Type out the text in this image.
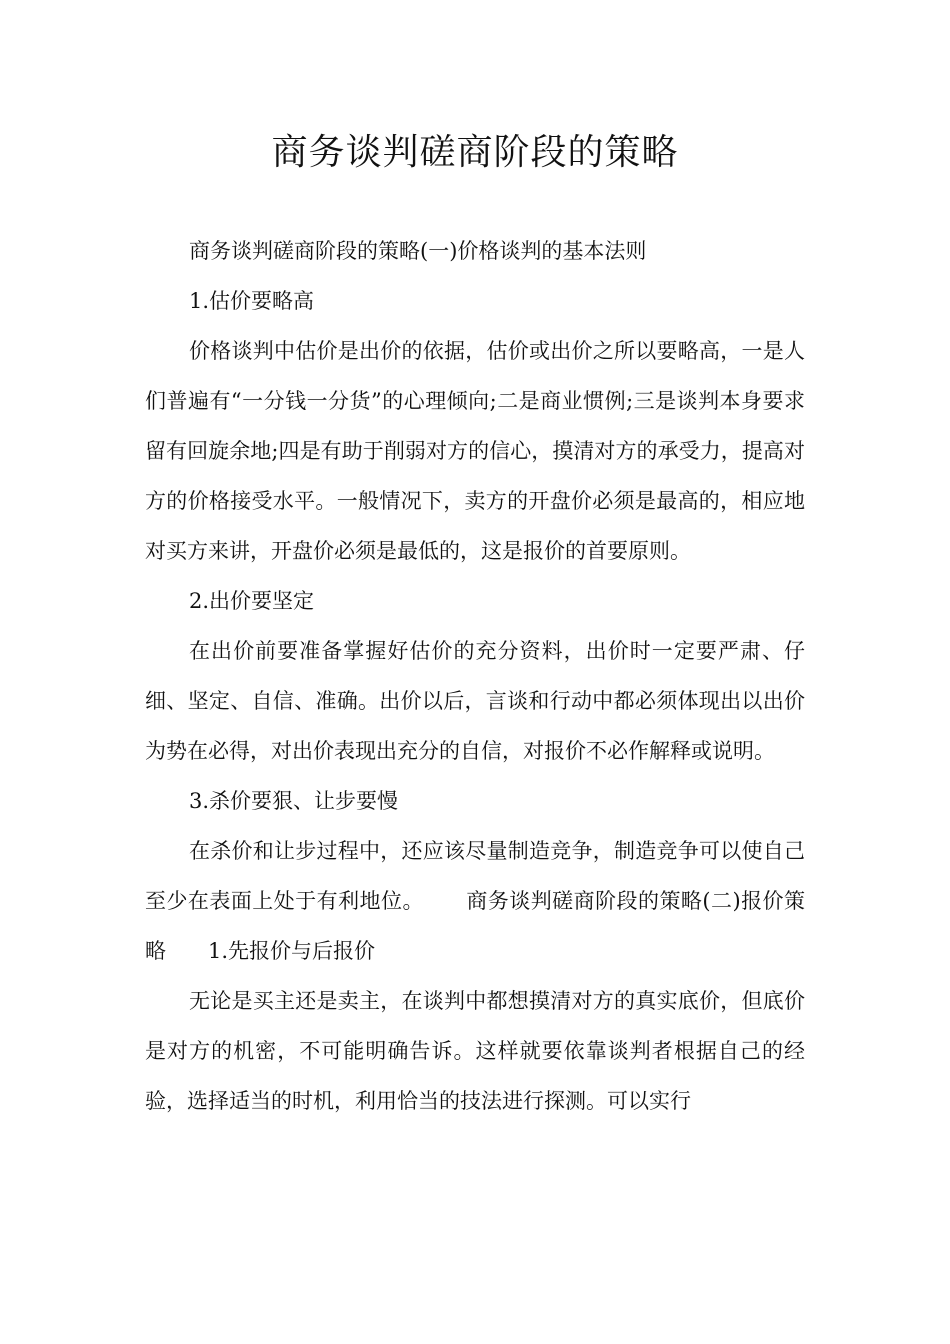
商务谈判磋商阶段的策略

商务谈判磋商阶段的策略(一)价格谈判的基本法则

1.估价要略高

价格谈判中估价是出价的依据，估价或出价之所以要略高，一是人们普遍有“一分钱一分货”的心理倾向;二是商业惯例;三是谈判本身要求留有回旋余地;四是有助于削弱对方的信心，摸清对方的承受力，提高对方的价格接受水平。一般情况下，卖方的开盘价必须是最高的，相应地对买方来讲，开盘价必须是最低的，这是报价的首要原则。

2.出价要坚定

在出价前要准备掌握好估价的充分资料，出价时一定要严肃、仔细、坚定、自信、准确。出价以后，言谈和行动中都必须体现出以出价为势在必得，对出价表现出充分的自信，对报价不必作解释或说明。

3.杀价要狠、让步要慢

在杀价和让步过程中，还应该尽量制造竞争，制造竞争可以使自己至少在表面上处于有利地位。 商务谈判磋商阶段的策略(二)报价策略 1.先报价与后报价

无论是买主还是卖主，在谈判中都想摸清对方的真实底价，但底价是对方的机密，不可能明确告诉。这样就要依靠谈判者根据自己的经验，选择适当的时机，利用恰当的技法进行探测。可以实行
